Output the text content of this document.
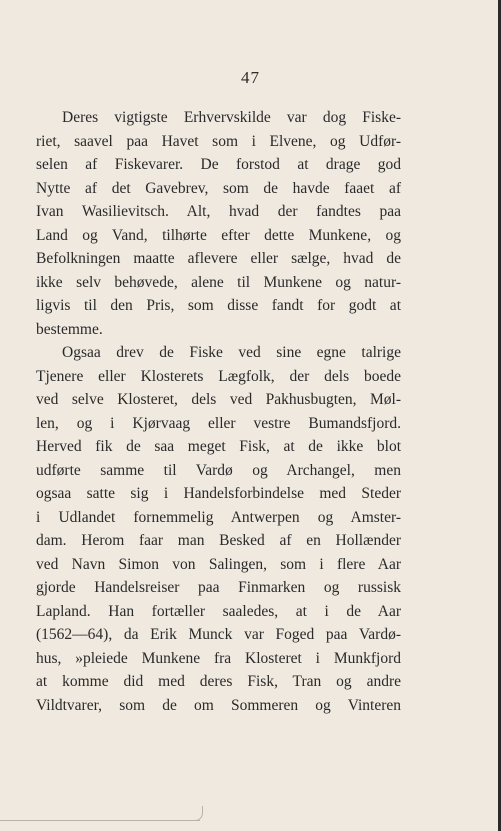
47
Deres vigtigste Erhvervskilde var dog Fiske-
riet, saavel paa Havet som i Elvene, og Udfør-
selen af Fiskevarer. De forstod at drage god
Nytte af det Gavebrev, som de havde faaet af
Ivan Wasilievitsch. Alt, hvad der fandtes paa
Land og Vand, tilhørte efter dette Munkene, og
Befolkningen maatte aflevere eller sælge, hvad de
ikke selv behøvede, alene til Munkene og natur-
ligvis til den Pris, som disse fandt for godt at
bestemme.
Ogsaa drev de Fiske ved sine egne talrige
Tjenere eller Klosterets Lægfolk, der dels boede
ved selve Klosteret, dels ved Pakhusbugten, Møl-
len, og i Kjørvaag eller vestre Bumandsfjord.
Herved fik de saa meget Fisk, at de ikke blot
udførte samme til Vardø og Archangel, men
ogsaa satte sig i Handelsforbindelse med Steder
i Udlandet fornemmelig Antwerpen og Amster-
dam. Herom faar man Besked af en Hollænder
ved Navn Simon von Salingen, som i flere Aar
gjorde Handelsreiser paa Finmarken og russisk
Lapland. Han fortæller saaledes, at i de Aar
(1562—64), da Erik Munck var Foged paa Vardø-
hus, »pleiede Munkene fra Klosteret i Munkfjord
at komme did med deres Fisk, Tran og andre
Vildtvarer, som de om Sommeren og Vinteren
